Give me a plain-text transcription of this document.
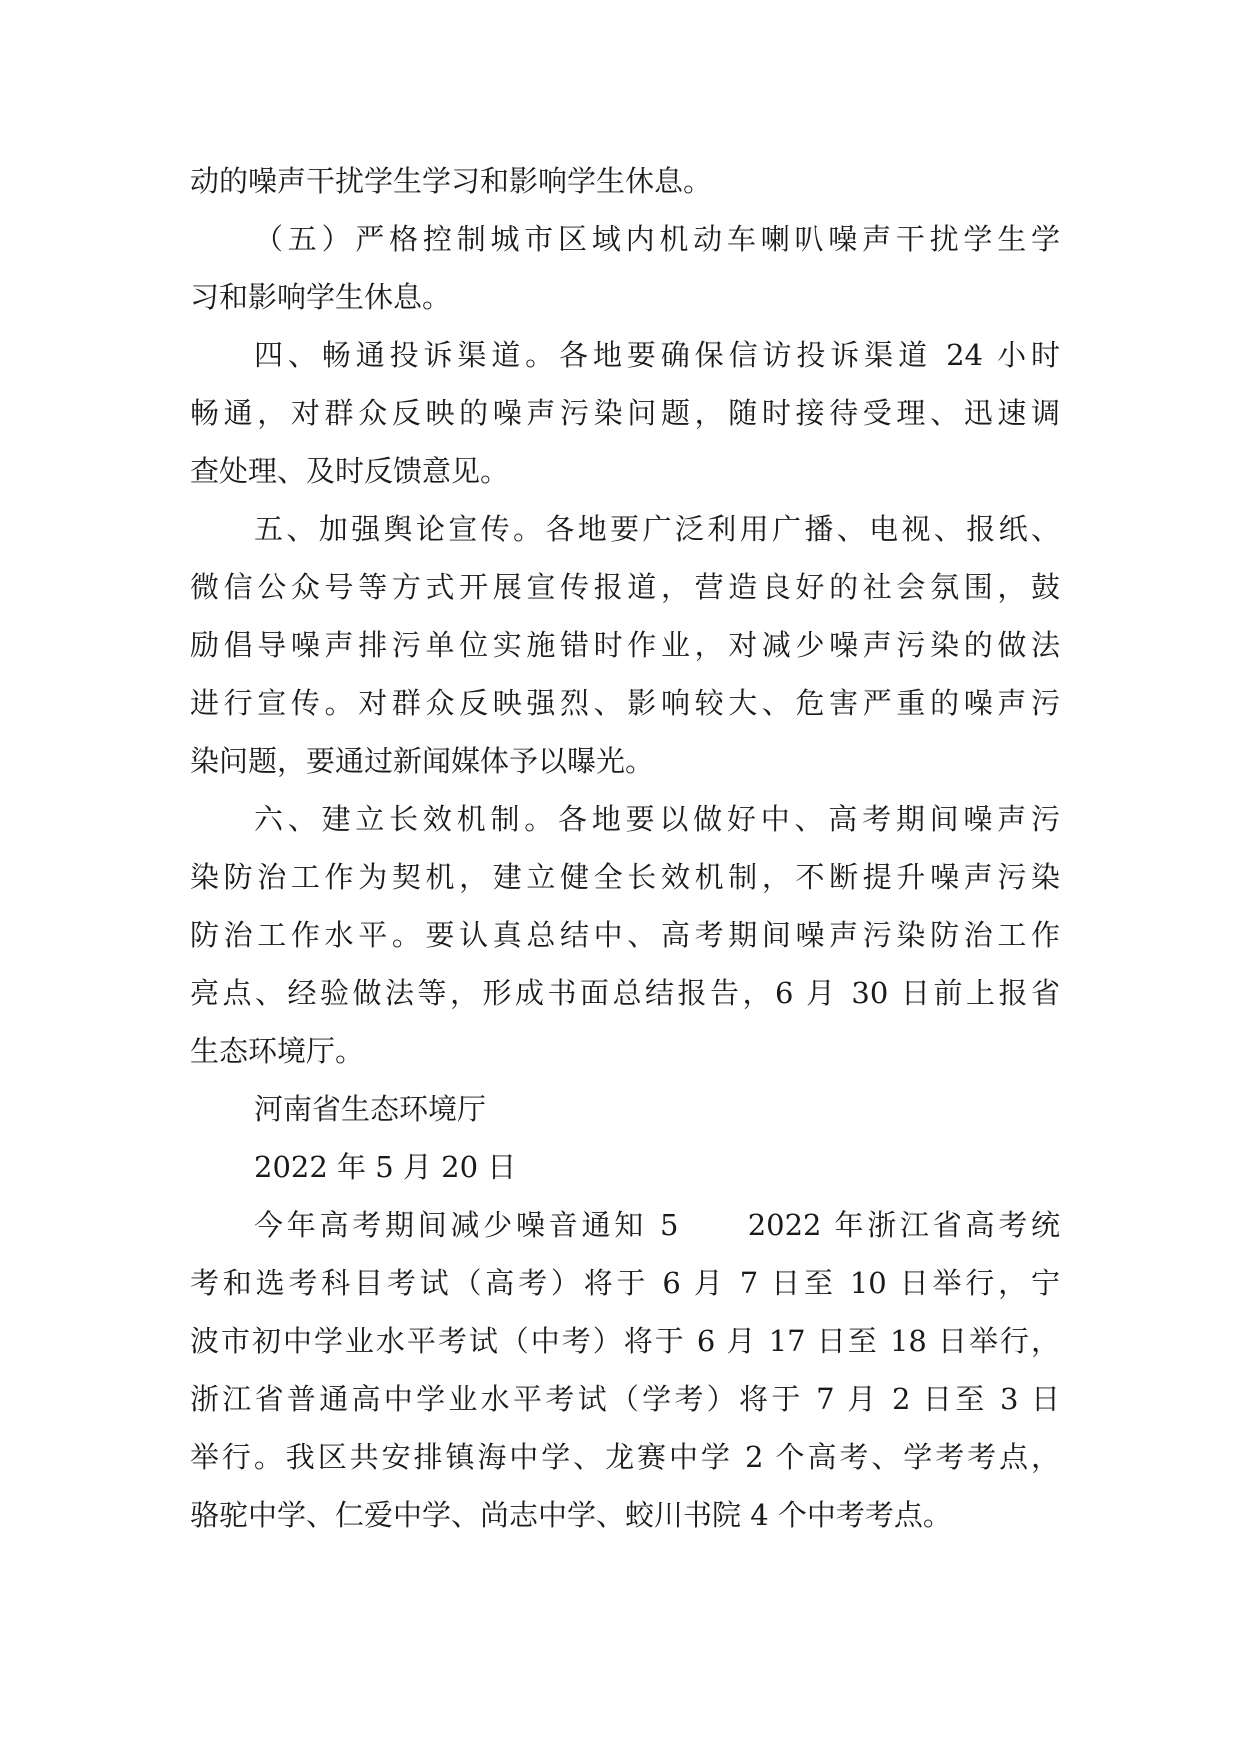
动的噪声干扰学生学习和影响学生休息。
（五）严格控制城市区域内机动车喇叭噪声干扰学生学
习和影响学生休息。
四、畅通投诉渠道。各地要确保信访投诉渠道 24 小时
畅通，对群众反映的噪声污染问题，随时接待受理、迅速调
查处理、及时反馈意见。
五、加强舆论宣传。各地要广泛利用广播、电视、报纸、
微信公众号等方式开展宣传报道，营造良好的社会氛围，鼓
励倡导噪声排污单位实施错时作业，对减少噪声污染的做法
进行宣传。对群众反映强烈、影响较大、危害严重的噪声污
染问题，要通过新闻媒体予以曝光。
六、建立长效机制。各地要以做好中、高考期间噪声污
染防治工作为契机，建立健全长效机制，不断提升噪声污染
防治工作水平。要认真总结中、高考期间噪声污染防治工作
亮点、经验做法等，形成书面总结报告，6 月 30 日前上报省
生态环境厅。
河南省生态环境厅
2022 年 5 月 20 日
今年高考期间减少噪音通知 5　　2022 年浙江省高考统
考和选考科目考试（高考）将于 6 月 7 日至 10 日举行，宁
波市初中学业水平考试（中考）将于 6 月 17 日至 18 日举行，
浙江省普通高中学业水平考试（学考）将于 7 月 2 日至 3 日
举行。我区共安排镇海中学、龙赛中学 2 个高考、学考考点，
骆驼中学、仁爱中学、尚志中学、蛟川书院 4 个中考考点。
